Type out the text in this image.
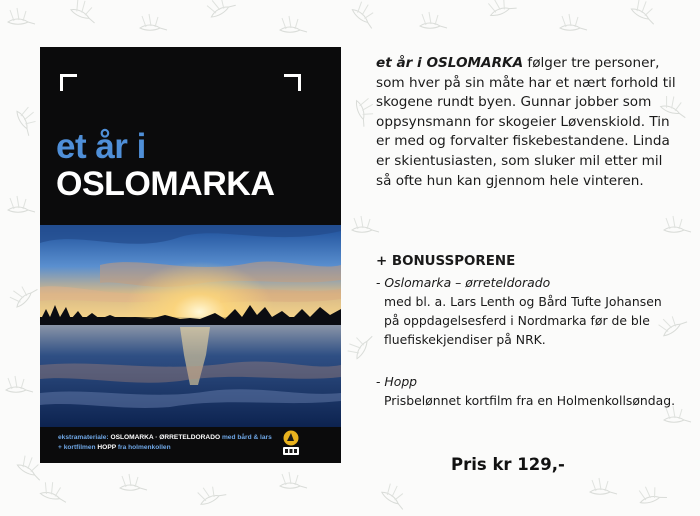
et år i

OSLOMARKA

ekstramateriale: OSLOMARKA · ØRRETELDORADO med bård & lars
+ kortfilmen HOPP fra holmenkollen

et år i OSLOMARKA følger tre personer, som hver på sin måte har et nært forhold til skogene rundt byen. Gunnar jobber som oppsynsmann for skogeier Løvenskiold. Tin er med og forvalter fiskebestandene. Linda er skientusiasten, som sluker mil etter mil så ofte hun kan gjennom hele vinteren.

+ BONUSSPORENE

- Oslomarka – ørreteldorado
med bl. a. Lars Lenth og Bård Tufte Johansen på oppdagelsesferd i Nordmarka før de ble fluefiskekjendiser på NRK.

- Hopp
Prisbelønnet kortfilm fra en Holmenkollsøndag.

Pris kr 129,-
